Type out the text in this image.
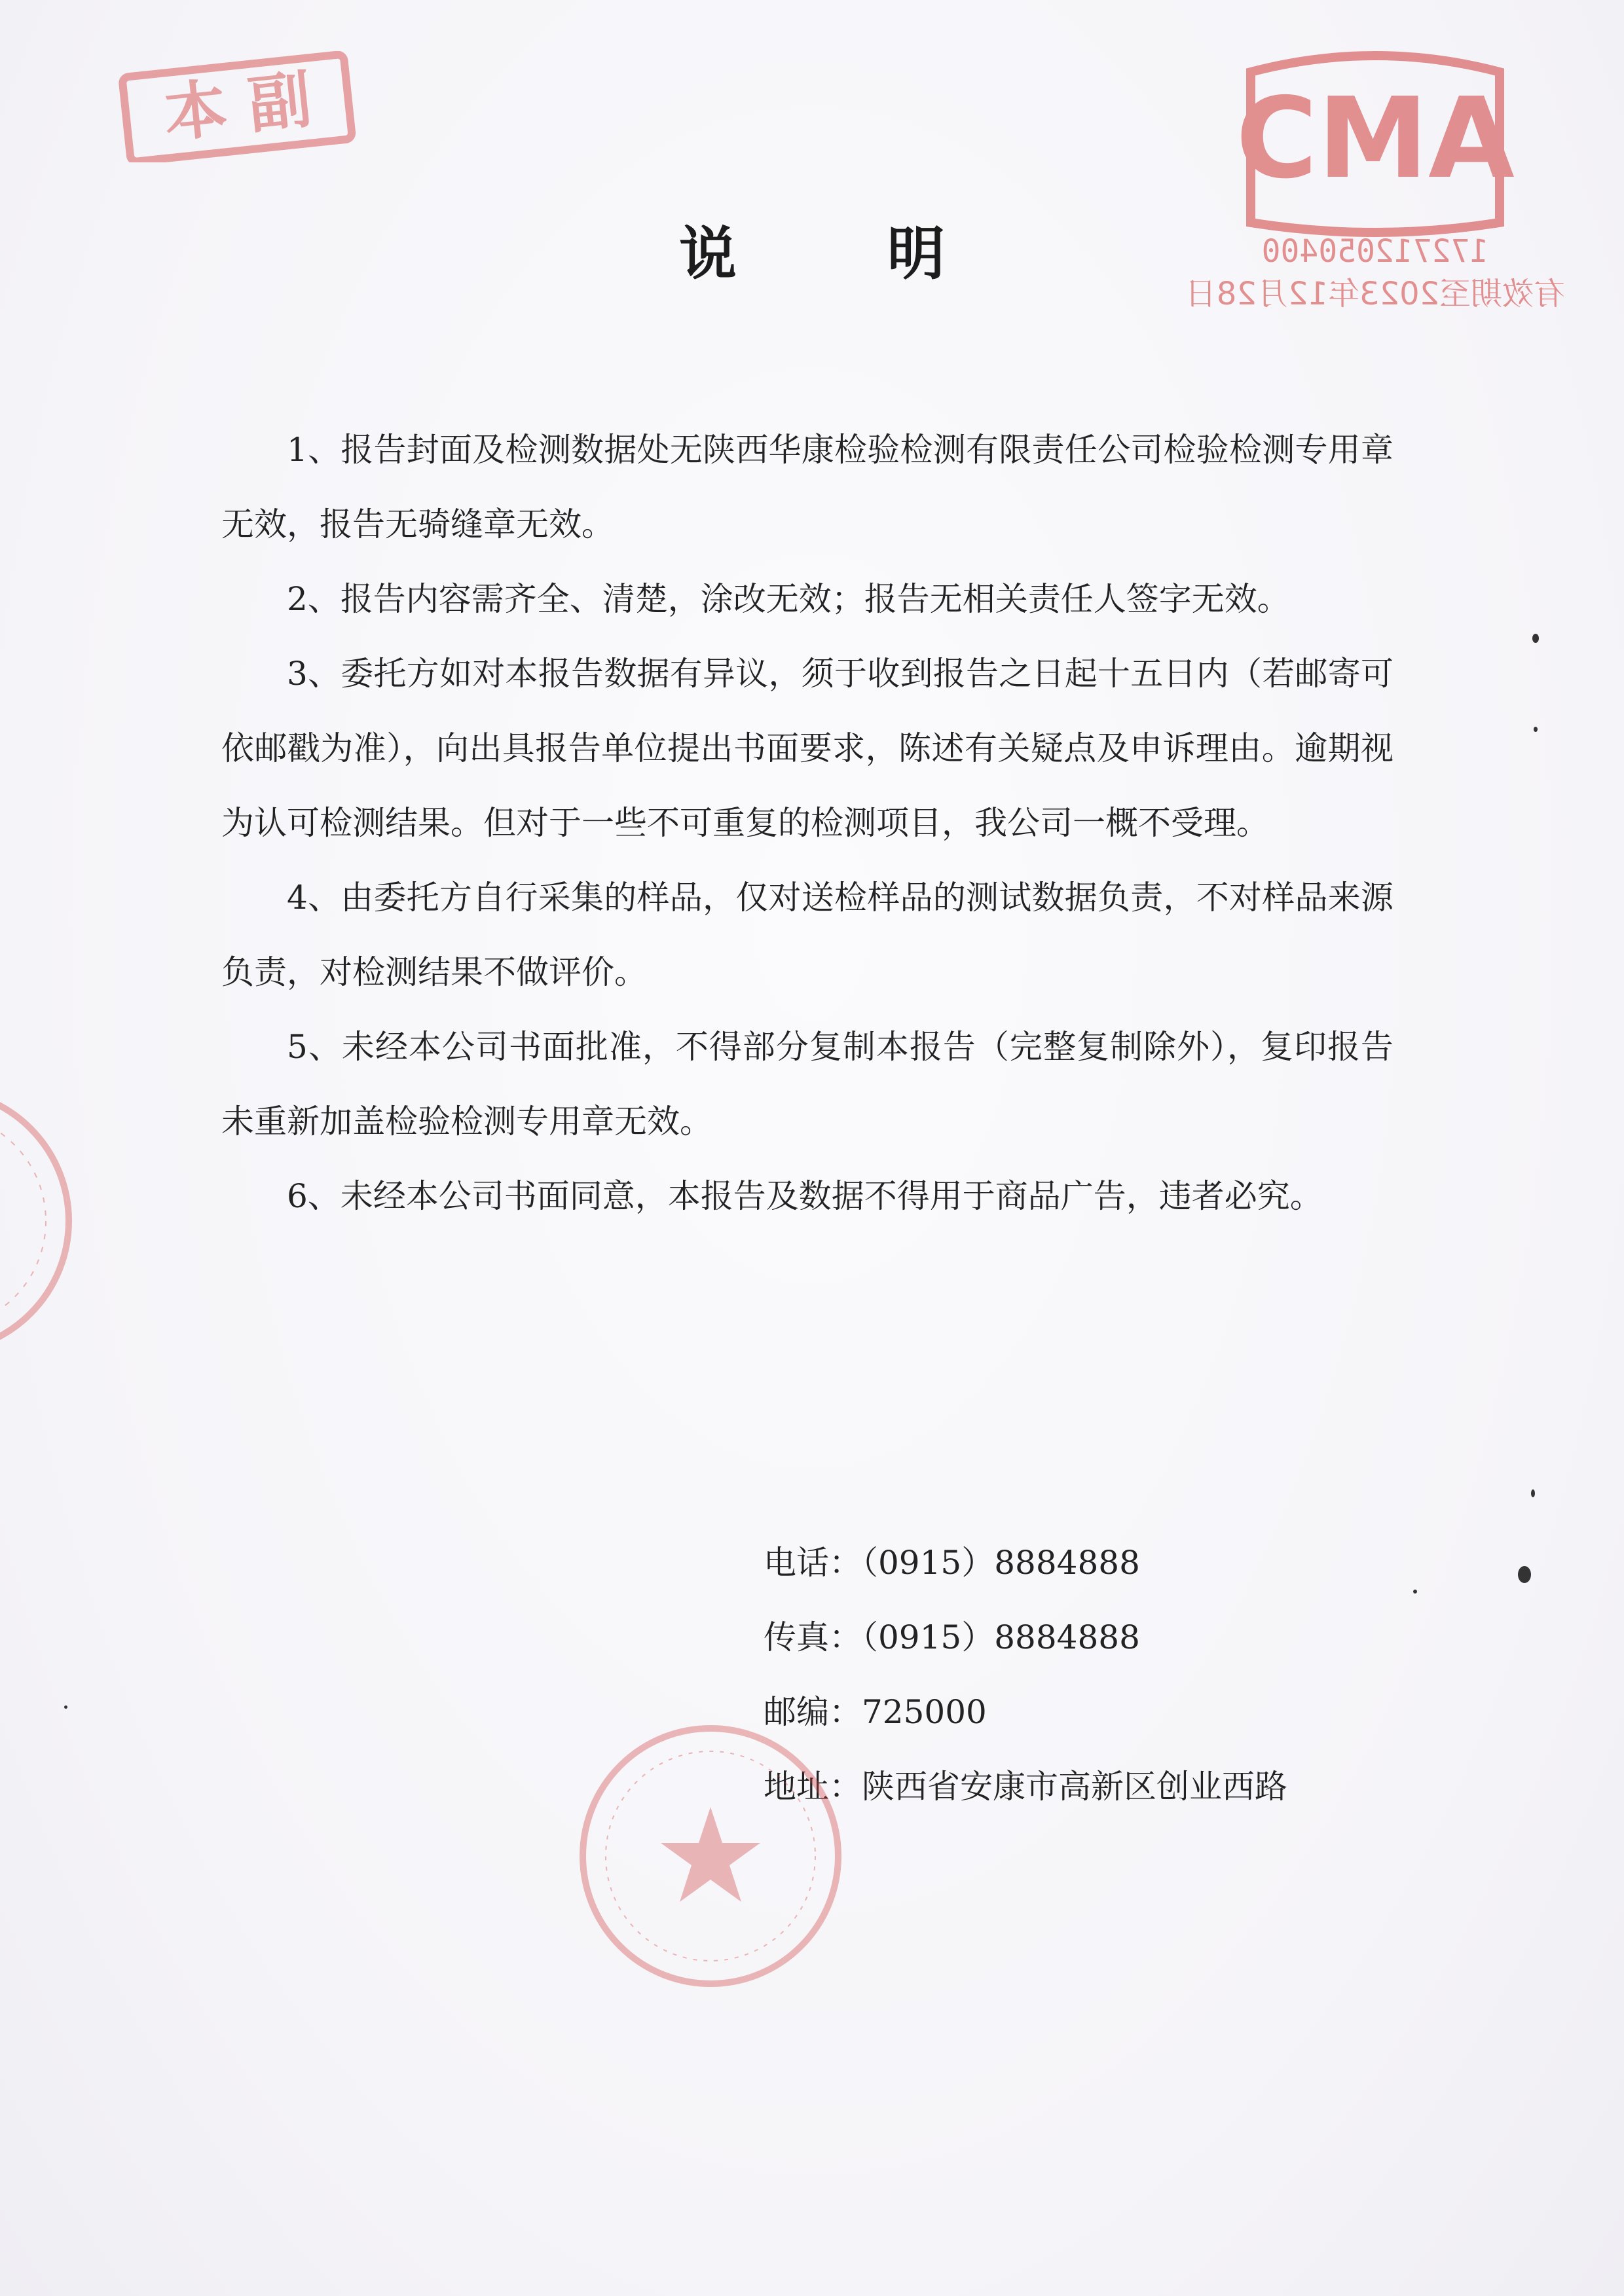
本 副	CMA
172712050400
有效期至2023年12月28日
说	明

1、报告封面及检测数据处无陕西华康检验检测有限责任公司检验检测专用章无效，报告无骑缝章无效。

2、报告内容需齐全、清楚，涂改无效；报告无相关责任人签字无效。

3、委托方如对本报告数据有异议，须于收到报告之日起十五日内（若邮寄可依邮戳为准），向出具报告单位提出书面要求，陈述有关疑点及申诉理由。逾期视为认可检测结果。但对于一些不可重复的检测项目，我公司一概不受理。

4、由委托方自行采集的样品，仅对送检样品的测试数据负责，不对样品来源负责，对检测结果不做评价。

5、未经本公司书面批准，不得部分复制本报告（完整复制除外），复印报告未重新加盖检验检测专用章无效。

6、未经本公司书面同意，本报告及数据不得用于商品广告，违者必究。

电话：（0915）8884888
传真：（0915）8884888
邮编：725000
地址：陕西省安康市高新区创业西路
